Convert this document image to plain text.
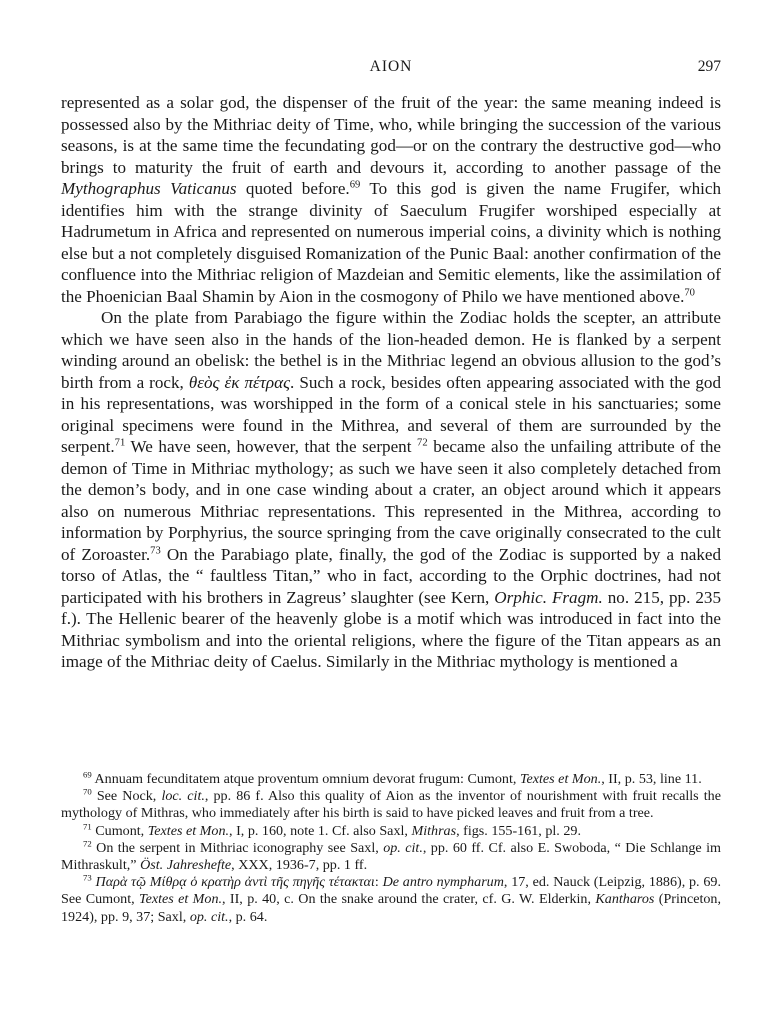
AION	297

represented as a solar god, the dispenser of the fruit of the year: the same meaning indeed is possessed also by the Mithriac deity of Time, who, while bringing the succession of the various seasons, is at the same time the fecundating god—or on the contrary the destructive god—who brings to maturity the fruit of earth and devours it, according to another passage of the Mythographus Vaticanus quoted before.$^{69}$ To this god is given the name Frugifer, which identifies him with the strange divinity of Saeculum Frugifer worshiped especially at Hadrumetum in Africa and represented on numerous imperial coins, a divinity which is nothing else but a not completely disguised Romanization of the Punic Baal: another confirmation of the confluence into the Mithriac religion of Mazdeian and Semitic elements, like the assimilation of the Phoenician Baal Shamin by Aion in the cosmogony of Philo we have mentioned above.$^{70}$

On the plate from Parabiago the figure within the Zodiac holds the scepter, an attribute which we have seen also in the hands of the lion-headed demon. He is flanked by a serpent winding around an obelisk: the bethel is in the Mithriac legend an obvious allusion to the god’s birth from a rock, θεὸς ἐκ πέτρας. Such a rock, besides often appearing associated with the god in his representations, was worshipped in the form of a conical stele in his sanctuaries; some original specimens were found in the Mithrea, and several of them are surrounded by the serpent.$^{71}$ We have seen, however, that the serpent $^{72}$ became also the unfailing attribute of the demon of Time in Mithriac mythology; as such we have seen it also completely detached from the demon’s body, and in one case winding about a crater, an object around which it appears also on numerous Mithriac representations. This represented in the Mithrea, according to information by Porphyrius, the source springing from the cave originally consecrated to the cult of Zoroaster.$^{73}$ On the Parabiago plate, finally, the god of the Zodiac is supported by a naked torso of Atlas, the “ faultless Titan,” who in fact, according to the Orphic doctrines, had not participated with his brothers in Zagreus’ slaughter (see Kern, Orphic. Fragm. no. 215, pp. 235 f.). The Hellenic bearer of the heavenly globe is a motif which was introduced in fact into the Mithriac symbolism and into the oriental religions, where the figure of the Titan appears as an image of the Mithriac deity of Caelus. Similarly in the Mithriac mythology is mentioned a

$^{69}$ Annuam fecunditatem atque proventum omnium devorat frugum: Cumont, Textes et Mon., II, p. 53, line 11.

$^{70}$ See Nock, loc. cit., pp. 86 f. Also this quality of Aion as the inventor of nourishment with fruit recalls the mythology of Mithras, who immediately after his birth is said to have picked leaves and fruit from a tree.

$^{71}$ Cumont, Textes et Mon., I, p. 160, note 1. Cf. also Saxl, Mithras, figs. 155-161, pl. 29.

$^{72}$ On the serpent in Mithriac iconography see Saxl, op. cit., pp. 60 ff. Cf. also E. Swoboda, “ Die Schlange im Mithraskult,” Öst. Jahreshefte, XXX, 1936-7, pp. 1 ff.

$^{73}$ Παρὰ τῷ Μίθρᾳ ὁ κρατὴρ ἀντὶ τῆς πηγῆς τέτακται: De antro nympharum, 17, ed. Nauck (Leipzig, 1886), p. 69. See Cumont, Textes et Mon., II, p. 40, c. On the snake around the crater, cf. G. W. Elderkin, Kantharos (Princeton, 1924), pp. 9, 37; Saxl, op. cit., p. 64.
